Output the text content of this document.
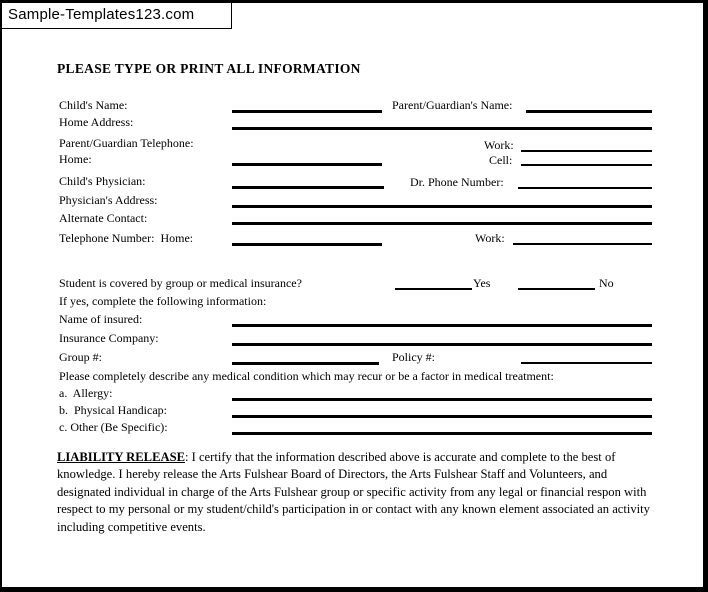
Sample-Templates123.com
PLEASE TYPE OR PRINT ALL INFORMATION
Child's Name:	Parent/Guardian's Name:
Home Address:
Parent/Guardian Telephone:	Work:
Home:	Cell:
Child's Physician:	Dr. Phone Number:
Physician's Address:
Alternate Contact:
Telephone Number:  Home:	Work:
Student is covered by group or medical insurance?	Yes	No
If yes, complete the following information:
Name of insured:
Insurance Company:
Group #:	Policy #:
Please completely describe any medical condition which may recur or be a factor in medical treatment:
a.  Allergy:
b.  Physical Handicap:
c. Other (Be Specific):
LIABILITY RELEASE: I certify that the information described above is accurate and complete to the best of knowledge. I hereby release the Arts Fulshear Board of Directors, the Arts Fulshear Staff and Volunteers, and designated individual in charge of the Arts Fulshear group or specific activity from any legal or financial respon with respect to my personal or my student/child's participation in or contact with any known element associated an activity including competitive events.
